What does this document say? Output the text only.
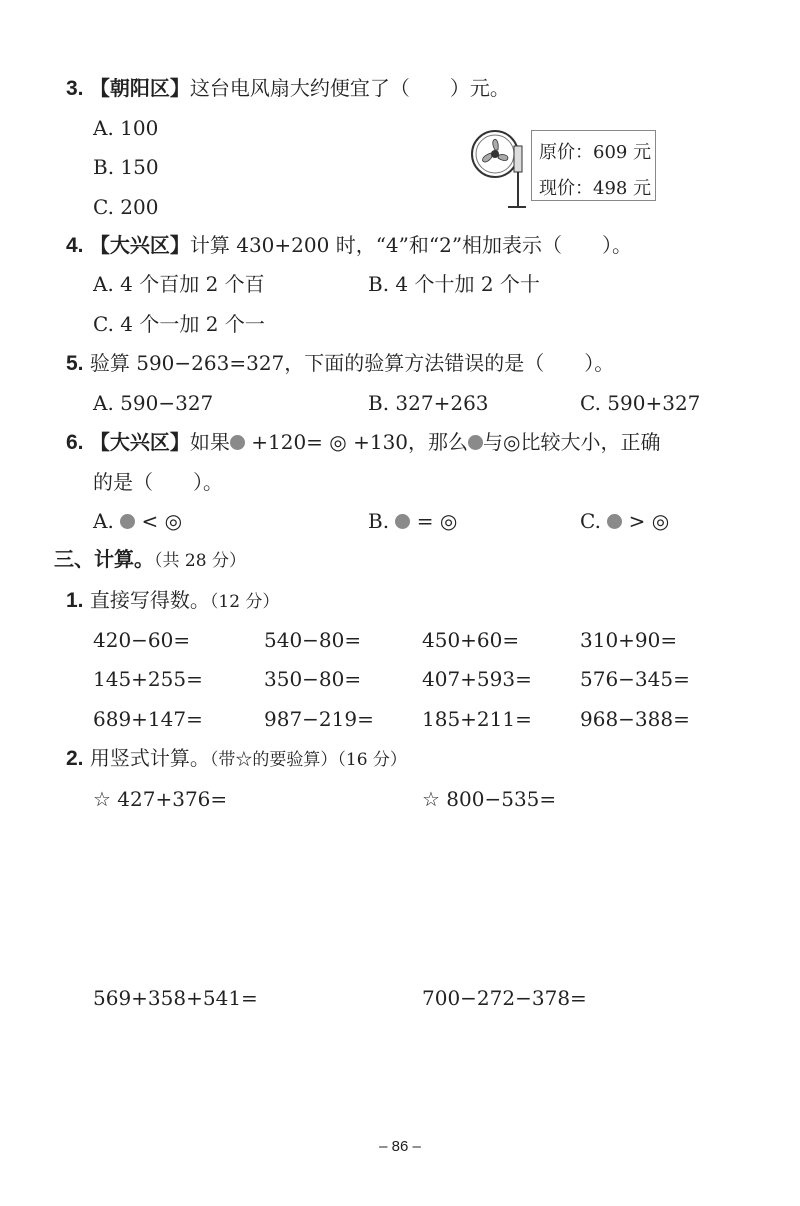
3. 【朝阳区】这台电风扇大约便宜了（　　）元。
A. 100
B. 150
C. 200
原价：609 元
现价：498 元
4. 【大兴区】计算 430+200 时，“4”和“2”相加表示（　　）。
A. 4 个百加 2 个百	B. 4 个十加 2 个十
C. 4 个一加 2 个一
5. 验算 590−263=327，下面的验算方法错误的是（　　）。
A. 590−327	B. 327+263	C. 590+327
6. 【大兴区】如果 +120= ◎ +130，那么 与◎比较大小，正确
的是（　　）。
A. < ◎	B. = ◎	C. > ◎
三、计算。（共 28 分）
1. 直接写得数。（12 分）
420−60=	540−80=	450+60=	310+90=
145+255=	350−80=	407+593= 576−345=
689+147=	987−219= 185+211= 968−388=
2. 用竖式计算。（带☆的要验算）（16 分）
☆ 427+376=	☆ 800−535=
569+358+541=	700−272−378=
– 86 –
